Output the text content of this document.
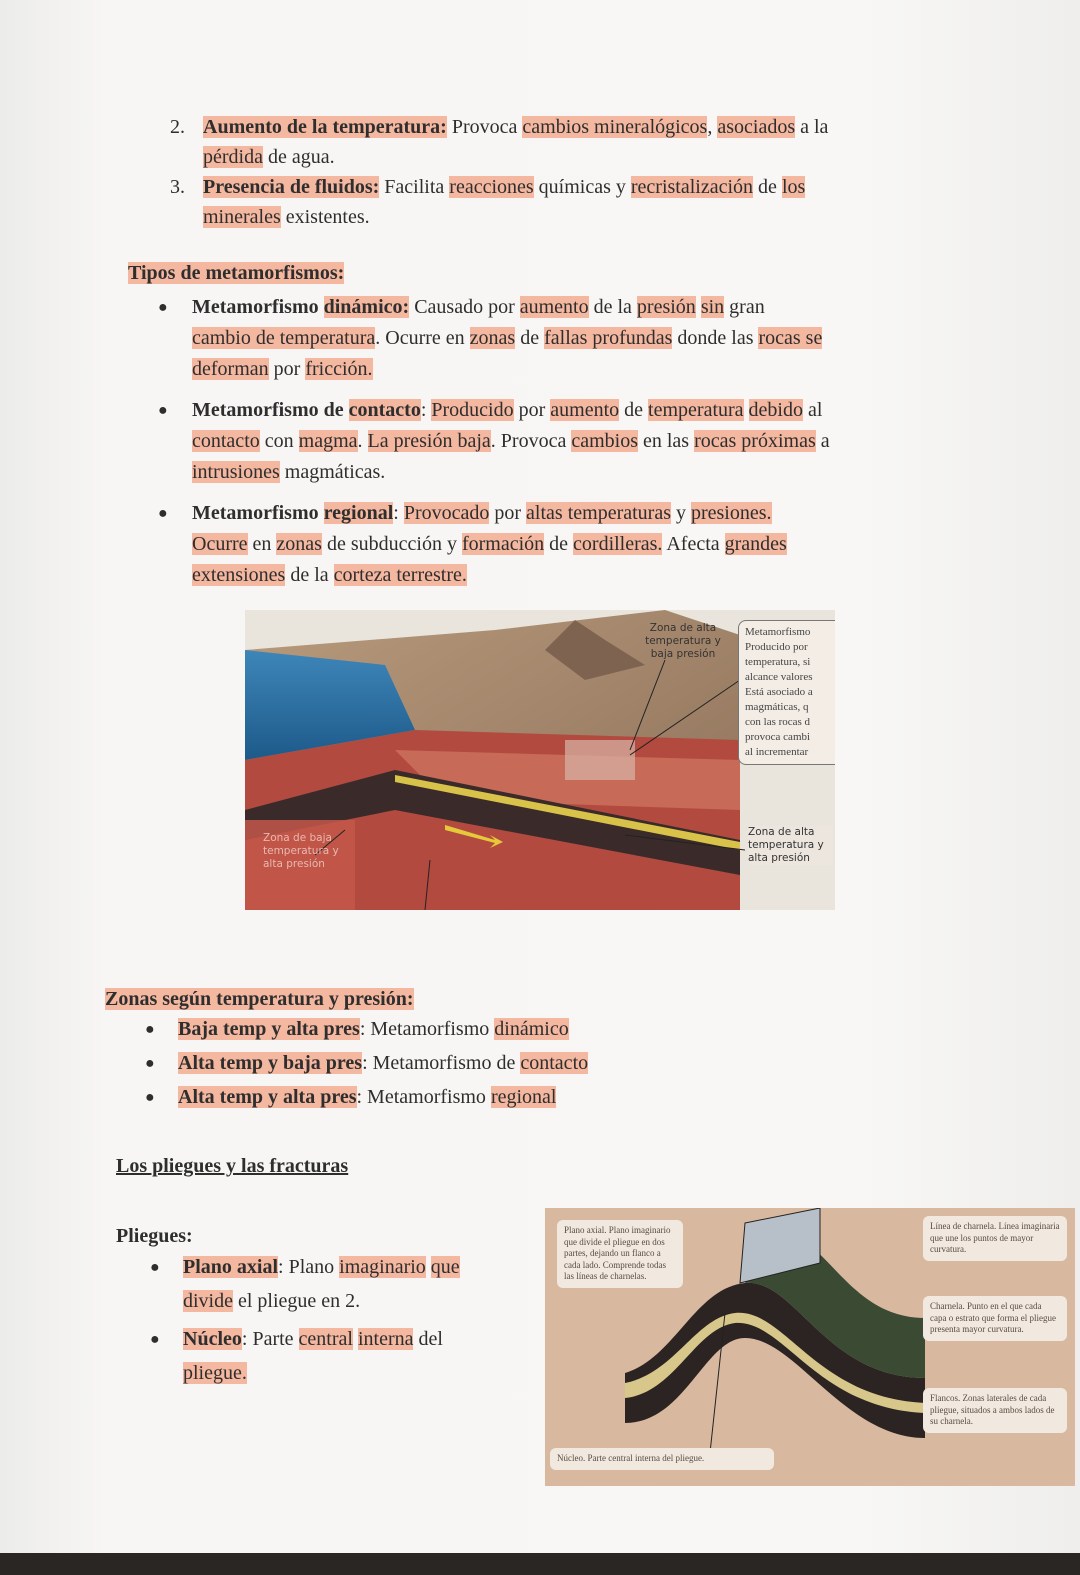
2. Aumento de la temperatura: Provoca cambios mineralógicos, asociados a la
pérdida de agua.
3. Presencia de fluidos: Facilita reacciones químicas y recristalización de los
minerales existentes.
Tipos de metamorfismos:
● Metamorfismo dinámico: Causado por aumento de la presión sin gran
cambio de temperatura. Ocurre en zonas de fallas profundas donde las rocas se
deforman por fricción.
● Metamorfismo de contacto: Producido por aumento de temperatura debido al
contacto con magma. La presión baja. Provoca cambios en las rocas próximas a
intrusiones magmáticas.
● Metamorfismo regional: Provocado por altas temperaturas y presiones.
Ocurre en zonas de subducción y formación de cordilleras. Afecta grandes
extensiones de la corteza terrestre.
Zona de alta temperatura y baja presión
Zona de baja temperatura y alta presión
Zona de alta temperatura y alta presión
Metamorfismo
Producido por
temperatura, si
alcance valores
Está asociado a
magmáticas, q
con las rocas d
provoca cambi
al incrementar
Zonas según temperatura y presión:
● Baja temp y alta pres: Metamorfismo dinámico
● Alta temp y baja pres: Metamorfismo de contacto
● Alta temp y alta pres: Metamorfismo regional
Los pliegues y las fracturas
Pliegues:
● Plano axial: Plano imaginario que
divide el pliegue en 2.
● Núcleo: Parte central interna del
pliegue.
Plano axial. Plano imaginario que divide el pliegue en dos partes, dejando un flanco a cada lado. Comprende todas las líneas de charnelas.
Línea de charnela. Línea imaginaria que une los puntos de mayor curvatura.
Charnela. Punto en el que cada capa o estrato que forma el pliegue presenta mayor curvatura.
Flancos. Zonas laterales de cada pliegue, situados a ambos lados de su charnela.
Núcleo. Parte central interna del pliegue.
